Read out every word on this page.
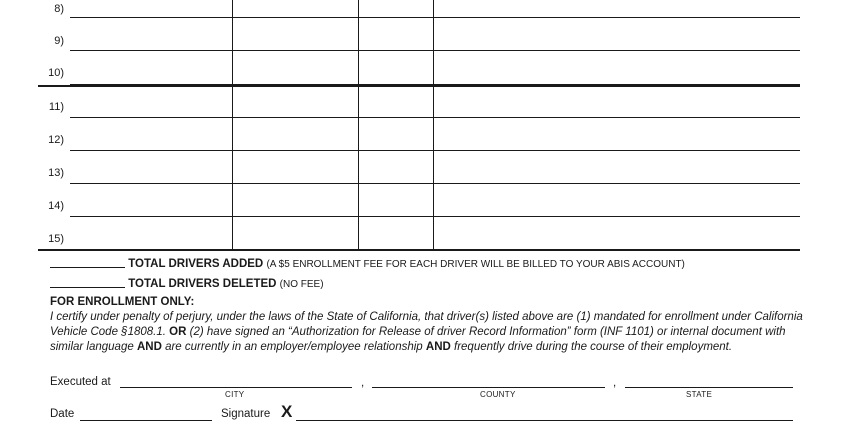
8)
9)
10)
11)
12)
13)
14)
15)
TOTAL DRIVERS ADDED (A $5 ENROLLMENT FEE FOR EACH DRIVER WILL BE BILLED TO YOUR ABIS ACCOUNT)
TOTAL DRIVERS DELETED (NO FEE)
FOR ENROLLMENT ONLY:
I certify under penalty of perjury, under the laws of the State of California, that driver(s) listed above are (1) mandated for enrollment under California Vehicle Code §1808.1. OR (2) have signed an “Authorization for Release of driver Record Information” form (INF 1101) or internal document with similar language AND are currently in an employer/employee relationship AND frequently drive during the course of their employment.
Executed at	,	,
CITY	COUNTY	STATE
Date	Signature X
